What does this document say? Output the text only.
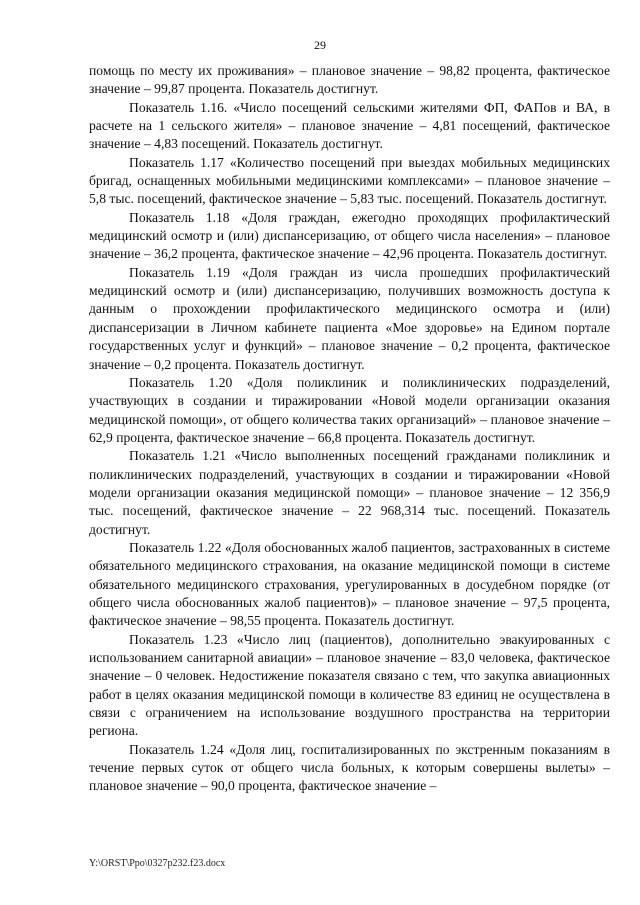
29

помощь по месту их проживания» – плановое значение – 98,82 процента, фактическое значение – 99,87 процента. Показатель достигнут.

Показатель 1.16. «Число посещений сельскими жителями ФП, ФАПов и ВА, в расчете на 1 сельского жителя» – плановое значение – 4,81 посещений, фактическое значение – 4,83 посещений. Показатель достигнут.

Показатель 1.17 «Количество посещений при выездах мобильных медицинских бригад, оснащенных мобильными медицинскими комплексами» – плановое значение – 5,8 тыс. посещений, фактическое значение – 5,83 тыс. посещений. Показатель достигнут.

Показатель 1.18 «Доля граждан, ежегодно проходящих профилактический медицинский осмотр и (или) диспансеризацию, от общего числа населения» – плановое значение – 36,2 процента, фактическое значение – 42,96 процента. Показатель достигнут.

Показатель 1.19 «Доля граждан из числа прошедших профилактический медицинский осмотр и (или) диспансеризацию, получивших возможность доступа к данным о прохождении профилактического медицинского осмотра и (или) диспансеризации в Личном кабинете пациента «Мое здоровье» на Едином портале государственных услуг и функций» – плановое значение – 0,2 процента, фактическое значение – 0,2 процента. Показатель достигнут.

Показатель 1.20 «Доля поликлиник и поликлинических подразделений, участвующих в создании и тиражировании «Новой модели организации оказания медицинской помощи», от общего количества таких организаций» – плановое значение – 62,9 процента, фактическое значение – 66,8 процента. Показатель достигнут.

Показатель 1.21 «Число выполненных посещений гражданами поликлиник и поликлинических подразделений, участвующих в создании и тиражировании «Новой модели организации оказания медицинской помощи» – плановое значение – 12 356,9 тыс. посещений, фактическое значение – 22 968,314 тыс. посещений. Показатель достигнут.

Показатель 1.22 «Доля обоснованных жалоб пациентов, застрахованных в системе обязательного медицинского страхования, на оказание медицинской помощи в системе обязательного медицинского страхования, урегулированных в досудебном порядке (от общего числа обоснованных жалоб пациентов)» – плановое значение – 97,5 процента, фактическое значение – 98,55 процента. Показатель достигнут.

Показатель 1.23 «Число лиц (пациентов), дополнительно эвакуированных с использованием санитарной авиации» – плановое значение – 83,0 человека, фактическое значение – 0 человек. Недостижение показателя связано с тем, что закупка авиационных работ в целях оказания медицинской помощи в количестве 83 единиц не осуществлена в связи с ограничением на использование воздушного пространства на территории региона.

Показатель 1.24 «Доля лиц, госпитализированных по экстренным показаниям в течение первых суток от общего числа больных, к которым совершены вылеты» – плановое значение – 90,0 процента, фактическое значение –

Y:\ORST\Ppo\0327p232.f23.docx
